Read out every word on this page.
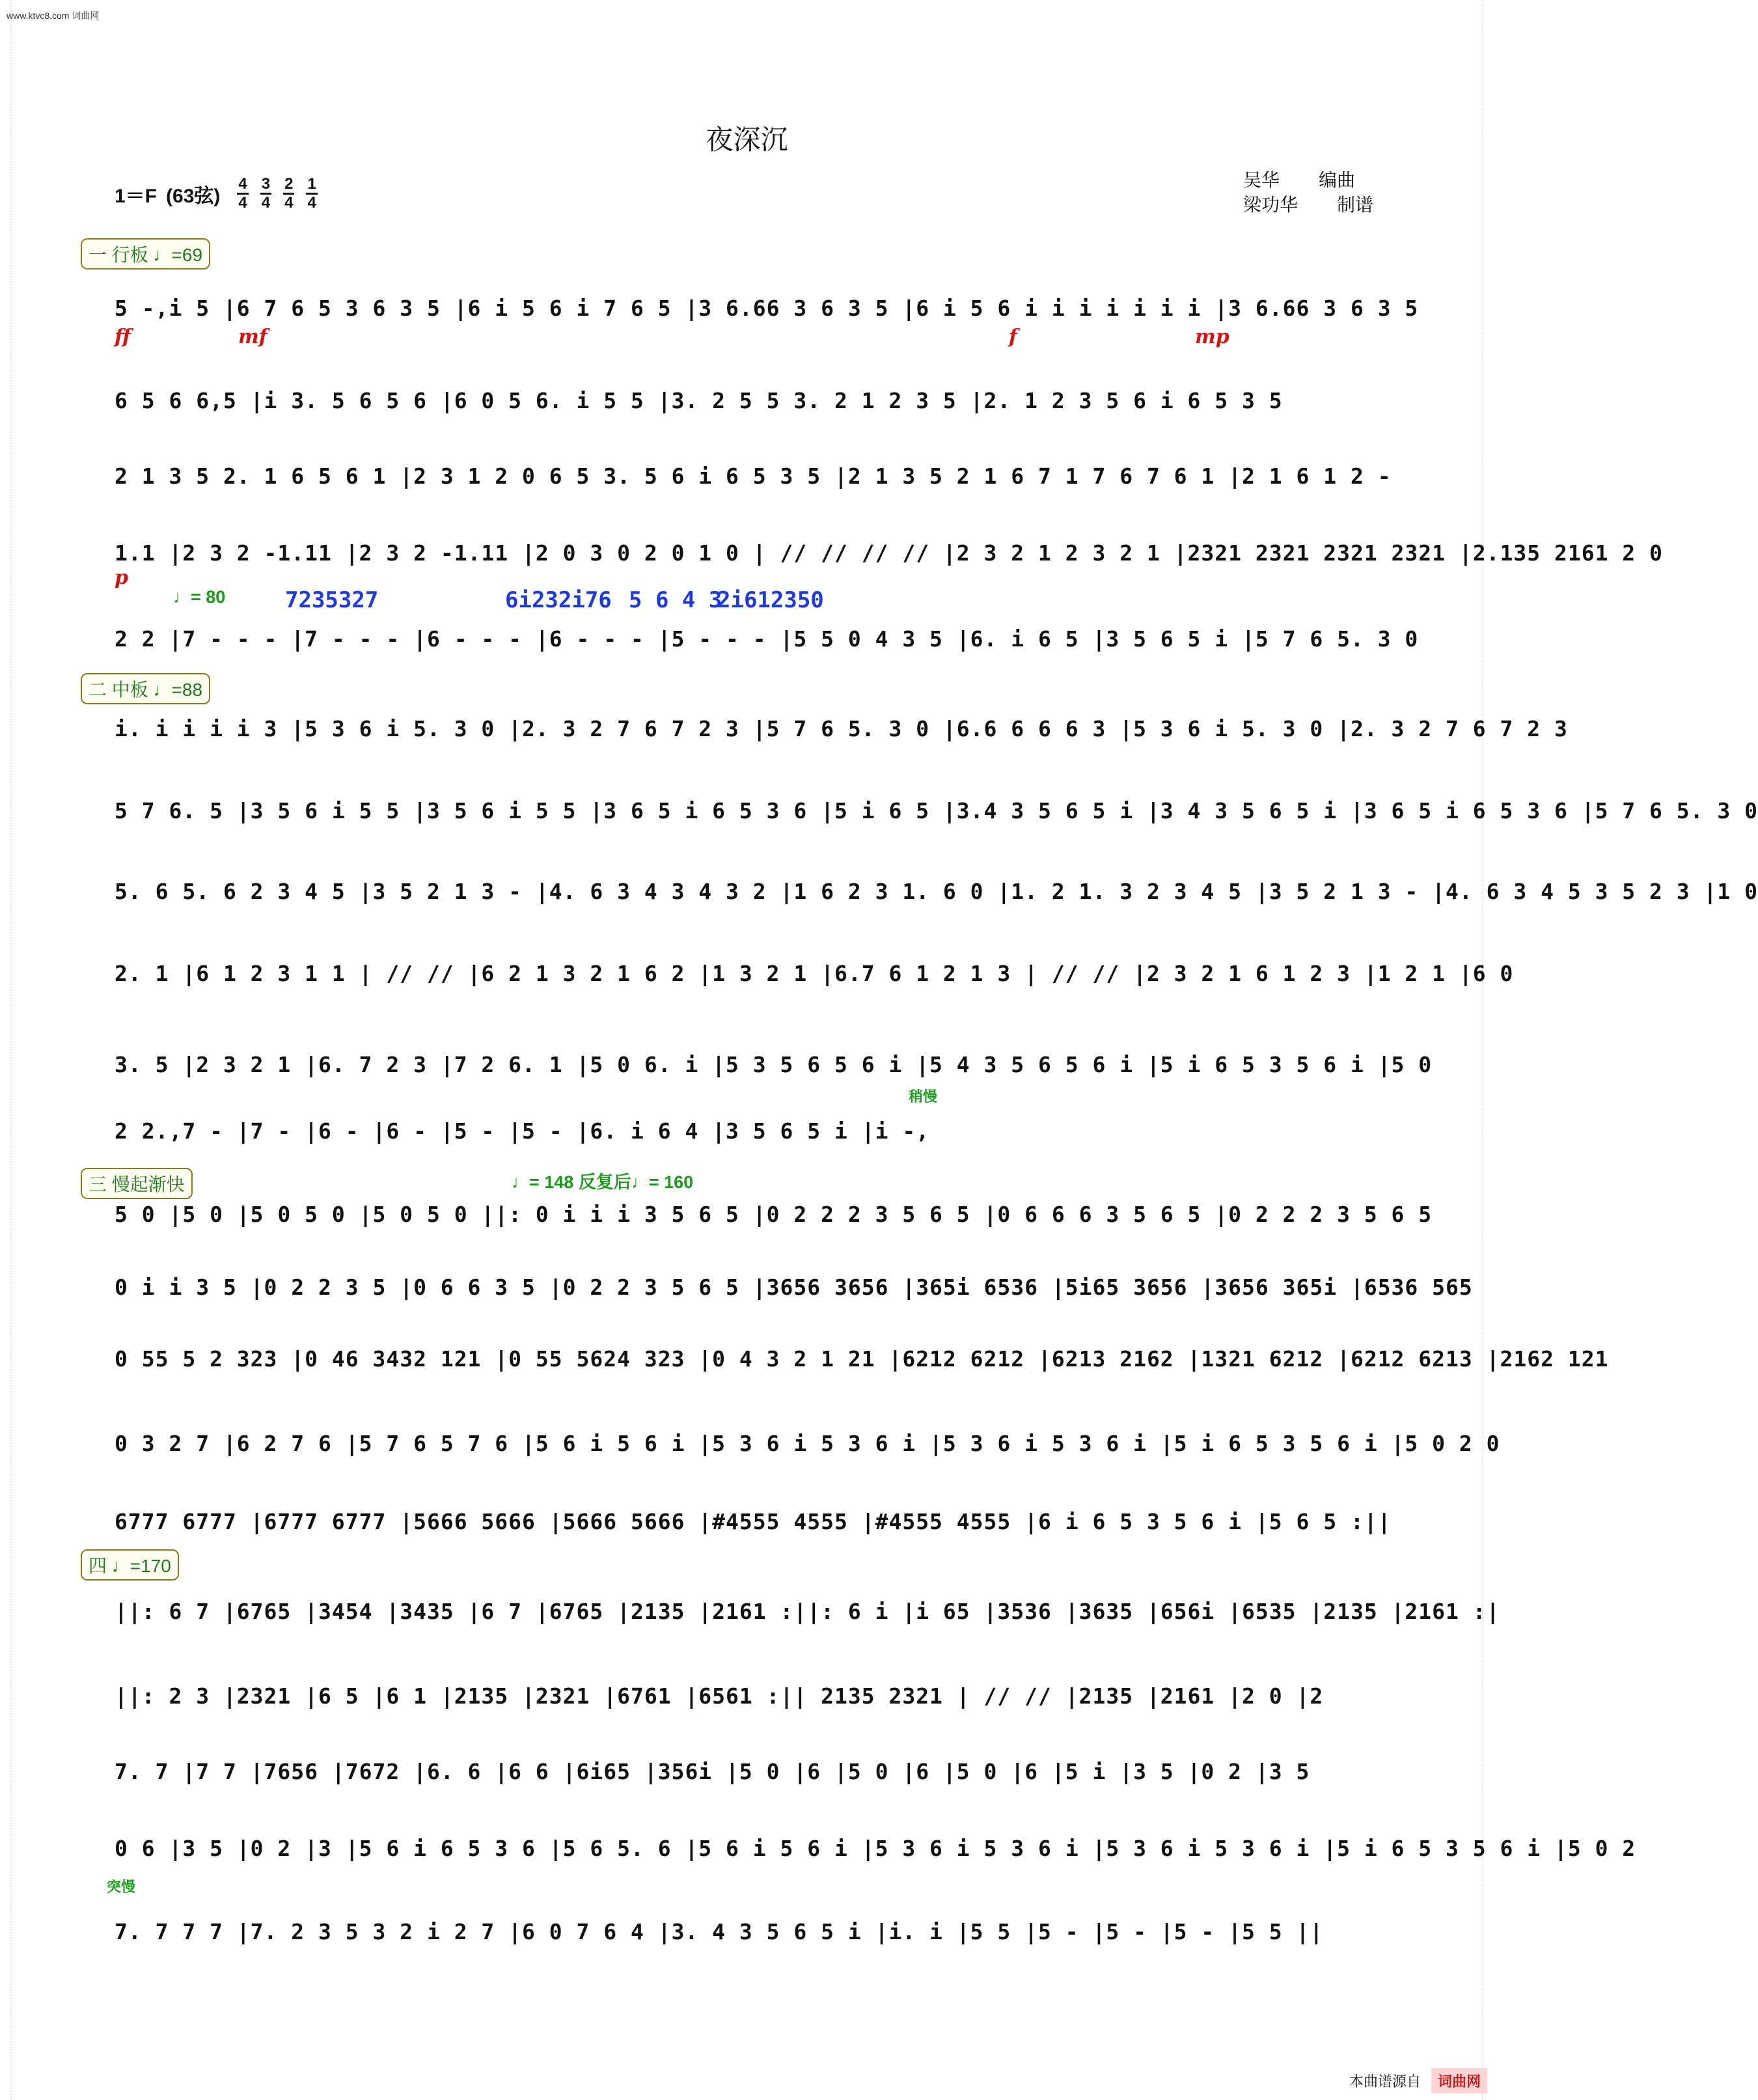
www.ktvc8.com 词曲网
夜深沉
1＝F (63弦) $\frac{4}{4} \frac{3}{4} \frac{2}{4} \frac{1}{4}$	吴华 编曲
梁功华 制谱
一 行板 ♩=69
二 中板 ♩=88
三 慢起渐快
四 ♩=170
♩= 80
♩= 148 反复后♩= 160
稍慢
突慢
7235327	6i232i76 5 6 4 3
2i612350
ff	mf	f	mp
p
5 -,i 5 |6 7 6 5 3 6 3 5 |6 i 5 6 i 7 6 5 |3 6.66 3 6 3 5 |6 i 5 6 i i i i i i i |3 6.66 3 6 3 5
6 5 6 6,5 |i 3. 5 6 5 6 |6 0 5 6. i 5 5 |3. 2 5 5 3. 2 1 2 3 5 |2. 1 2 3 5 6 i 6 5 3 5
2 1 3 5 2. 1 6 5 6 1 |2 3 1 2 0 6 5 3. 5 6 i 6 5 3 5 |2 1 3 5 2 1 6 7 1 7 6 7 6 1 |2 1 6 1 2 -
1.1 |2 3 2 -1.11 |2 3 2 -1.11 |2 0 3 0 2 0 1 0 | // // // // |2 3 2 1 2 3 2 1 |2321 2321 2321 2321 |2.135 2161 2 0
2 2 |7 - - - |7 - - - |6 - - - |6 - - - |5 - - - |5 5 0 4 3 5 |6. i 6 5 |3 5 6 5 i |5 7 6 5. 3 0
i. i i i i 3 |5 3 6 i 5. 3 0 |2. 3 2 7 6 7 2 3 |5 7 6 5. 3 0 |6.6 6 6 6 3 |5 3 6 i 5. 3 0 |2. 3 2 7 6 7 2 3
5 7 6. 5 |3 5 6 i 5 5 |3 5 6 i 5 5 |3 6 5 i 6 5 3 6 |5 i 6 5 |3.4 3 5 6 5 i |3 4 3 5 6 5 i |3 6 5 i 6 5 3 6 |5 7 6 5. 3 0
5. 6 5. 6 2 3 4 5 |3 5 2 1 3 - |4. 6 3 4 3 4 3 2 |1 6 2 3 1. 6 0 |1. 2 1. 3 2 3 4 5 |3 5 2 1 3 - |4. 6 3 4 5 3 5 2 3 |1 0
2. 1 |6 1 2 3 1 1 | // // |6 2 1 3 2 1 6 2 |1 3 2 1 |6.7 6 1 2 1 3 | // // |2 3 2 1 6 1 2 3 |1 2 1 |6 0
3. 5 |2 3 2 1 |6. 7 2 3 |7 2 6. 1 |5 0 6. i |5 3 5 6 5 6 i |5 4 3 5 6 5 6 i |5 i 6 5 3 5 6 i |5 0
2 2.,7 - |7 - |6 - |6 - |5 - |5 - |6. i 6 4 |3 5 6 5 i |i -,
5 0 |5 0 |5 0 5 0 |5 0 5 0 ||: 0 i i i 3 5 6 5 |0 2 2 2 3 5 6 5 |0 6 6 6 3 5 6 5 |0 2 2 2 3 5 6 5
0 i i 3 5 |0 2 2 3 5 |0 6 6 3 5 |0 2 2 3 5 6 5 |3656 3656 |365i 6536 |5i65 3656 |3656 365i |6536 565
0 55 5 2 323 |0 46 3432 121 |0 55 5624 323 |0 4 3 2 1 21 |6212 6212 |6213 2162 |1321 6212 |6212 6213 |2162 121
0 3 2 7 |6 2 7 6 |5 7 6 5 7 6 |5 6 i 5 6 i |5 3 6 i 5 3 6 i |5 3 6 i 5 3 6 i |5 i 6 5 3 5 6 i |5 0 2 0
6777 6777 |6777 6777 |5666 5666 |5666 5666 |#4555 4555 |#4555 4555 |6 i 6 5 3 5 6 i |5 6 5 :||
||: 6 7 |6765 |3454 |3435 |6 7 |6765 |2135 |2161 :||: 6 i |i 65 |3536 |3635 |656i |6535 |2135 |2161 :|
||: 2 3 |2321 |6 5 |6 1 |2135 |2321 |6761 |6561 :|| 2135 2321 | // // |2135 |2161 |2 0 |2
7. 7 |7 7 |7656 |7672 |6. 6 |6 6 |6i65 |356i |5 0 |6 |5 0 |6 |5 0 |6 |5 i |3 5 |0 2 |3 5
0 6 |3 5 |0 2 |3 |5 6 i 6 5 3 6 |5 6 5. 6 |5 6 i 5 6 i |5 3 6 i 5 3 6 i |5 3 6 i 5 3 6 i |5 i 6 5 3 5 6 i |5 0 2
7. 7 7 7 |7. 2 3 5 3 2 i 2 7 |6 0 7 6 4 |3. 4 3 5 6 5 i |i. i |5 5 |5 - |5 - |5 - |5 5 ||
本曲谱源自	词曲网
